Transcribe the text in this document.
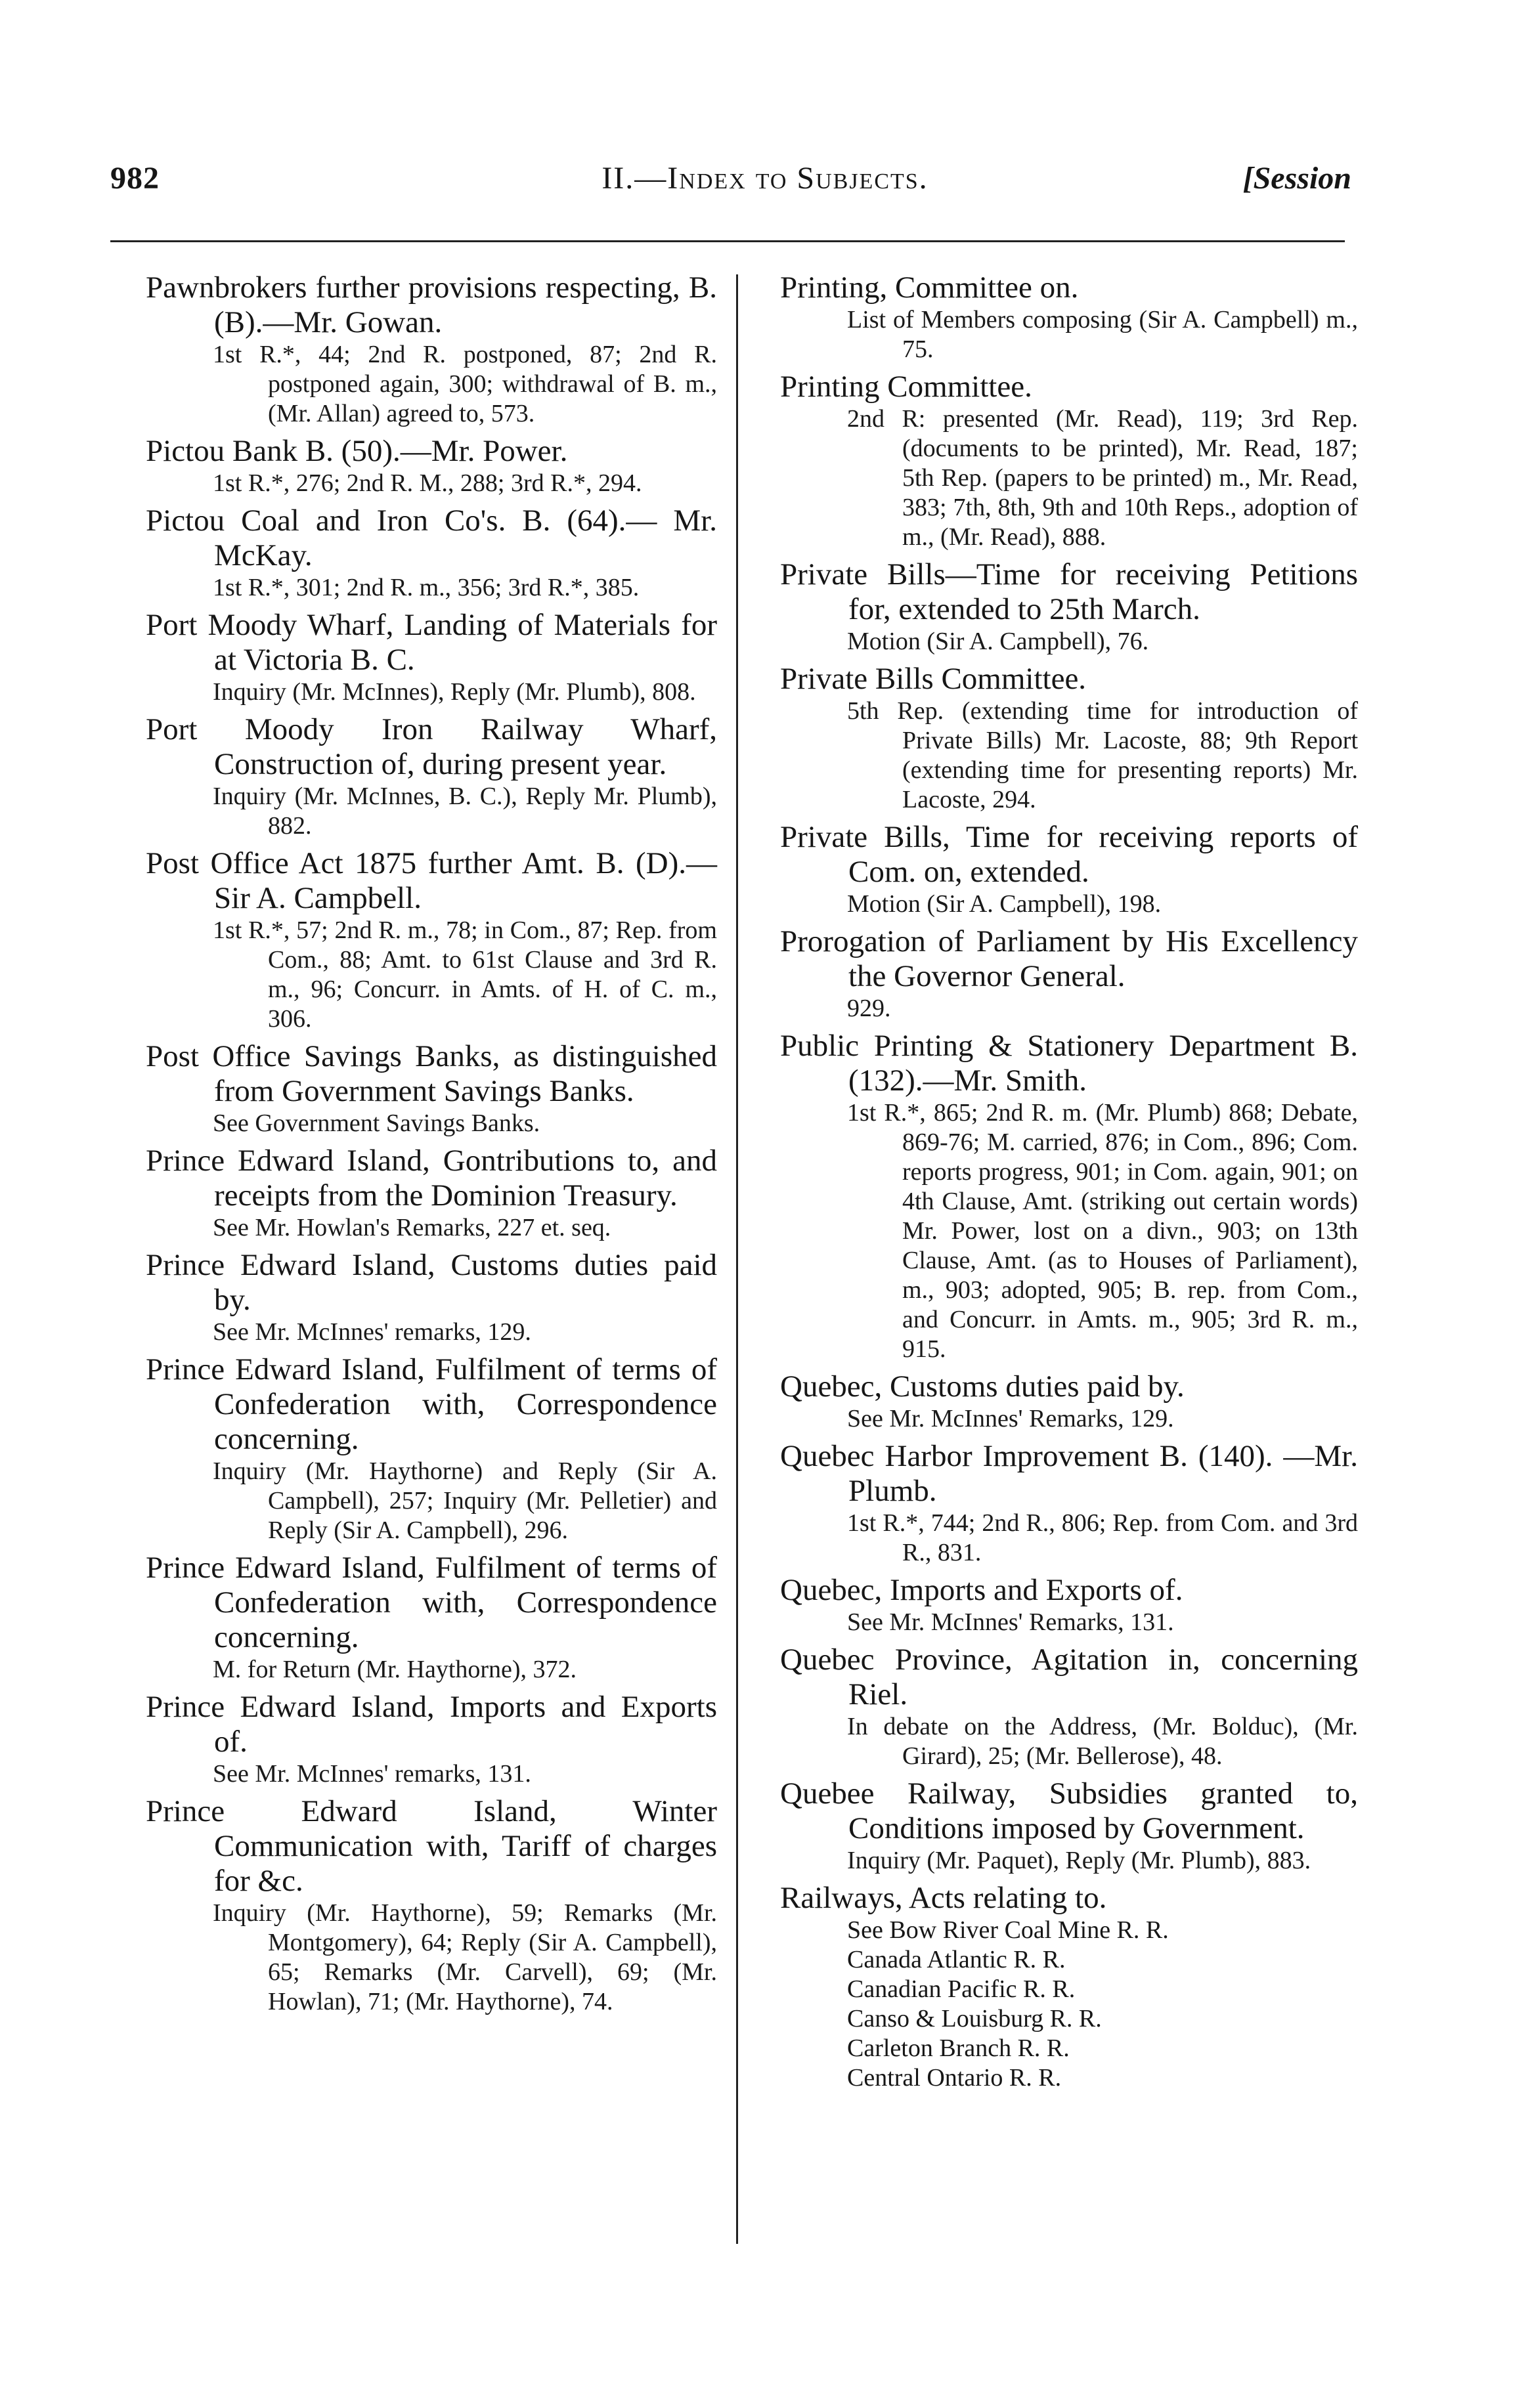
982	II.—Index to Subjects.	[Session
Pawnbrokers further provisions respecting, B. (B).—Mr. Gowan.
1st R.*, 44; 2nd R. postponed, 87; 2nd R. postponed again, 300; withdrawal of B. m., (Mr. Allan) agreed to, 573.
Pictou Bank B. (50).—Mr. Power.
1st R.*, 276; 2nd R. M., 288; 3rd R.*, 294.
Pictou Coal and Iron Co's. B. (64).— Mr. McKay.
1st R.*, 301; 2nd R. m., 356; 3rd R.*, 385.
Port Moody Wharf, Landing of Materials for at Victoria B. C.
Inquiry (Mr. McInnes), Reply (Mr. Plumb), 808.
Port Moody Iron Railway Wharf, Construction of, during present year.
Inquiry (Mr. McInnes, B. C.), Reply Mr. Plumb), 882.
Post Office Act 1875 further Amt. B. (D).—Sir A. Campbell.
1st R.*, 57; 2nd R. m., 78; in Com., 87; Rep. from Com., 88; Amt. to 61st Clause and 3rd R. m., 96; Concurr. in Amts. of H. of C. m., 306.
Post Office Savings Banks, as distinguished from Government Savings Banks.
See Government Savings Banks.
Prince Edward Island, Gontributions to, and receipts from the Dominion Treasury.
See Mr. Howlan's Remarks, 227 et. seq.
Prince Edward Island, Customs duties paid by.
See Mr. McInnes' remarks, 129.
Prince Edward Island, Fulfilment of terms of Confederation with, Correspondence concerning.
Inquiry (Mr. Haythorne) and Reply (Sir A. Campbell), 257; Inquiry (Mr. Pelletier) and Reply (Sir A. Campbell), 296.
Prince Edward Island, Fulfilment of terms of Confederation with, Correspondence concerning.
M. for Return (Mr. Haythorne), 372.
Prince Edward Island, Imports and Exports of.
See Mr. McInnes' remarks, 131.
Prince Edward Island, Winter Communication with, Tariff of charges for &c.
Inquiry (Mr. Haythorne), 59; Remarks (Mr. Montgomery), 64; Reply (Sir A. Campbell), 65; Remarks (Mr. Carvell), 69; (Mr. Howlan), 71; (Mr. Haythorne), 74.
Printing, Committee on.
List of Members composing (Sir A. Campbell) m., 75.
Printing Committee.
2nd R: presented (Mr. Read), 119; 3rd Rep. (documents to be printed), Mr. Read, 187; 5th Rep. (papers to be printed) m., Mr. Read, 383; 7th, 8th, 9th and 10th Reps., adoption of m., (Mr. Read), 888.
Private Bills—Time for receiving Petitions for, extended to 25th March.
Motion (Sir A. Campbell), 76.
Private Bills Committee.
5th Rep. (extending time for introduction of Private Bills) Mr. Lacoste, 88; 9th Report (extending time for presenting reports) Mr. Lacoste, 294.
Private Bills, Time for receiving reports of Com. on, extended.
Motion (Sir A. Campbell), 198.
Prorogation of Parliament by His Excellency the Governor General.
929.
Public Printing & Stationery Department B. (132).—Mr. Smith.
1st R.*, 865; 2nd R. m. (Mr. Plumb) 868; Debate, 869-76; M. carried, 876; in Com., 896; Com. reports progress, 901; in Com. again, 901; on 4th Clause, Amt. (striking out certain words) Mr. Power, lost on a divn., 903; on 13th Clause, Amt. (as to Houses of Parliament), m., 903; adopted, 905; B. rep. from Com., and Concurr. in Amts. m., 905; 3rd R. m., 915.
Quebec, Customs duties paid by.
See Mr. McInnes' Remarks, 129.
Quebec Harbor Improvement B. (140). —Mr. Plumb.
1st R.*, 744; 2nd R., 806; Rep. from Com. and 3rd R., 831.
Quebec, Imports and Exports of.
See Mr. McInnes' Remarks, 131.
Quebec Province, Agitation in, concerning Riel.
In debate on the Address, (Mr. Bolduc), (Mr. Girard), 25; (Mr. Bellerose), 48.
Quebee Railway, Subsidies granted to, Conditions imposed by Government.
Inquiry (Mr. Paquet), Reply (Mr. Plumb), 883.
Railways, Acts relating to.
See Bow River Coal Mine R. R.
Canada Atlantic R. R.
Canadian Pacific R. R.
Canso & Louisburg R. R.
Carleton Branch R. R.
Central Ontario R. R.
